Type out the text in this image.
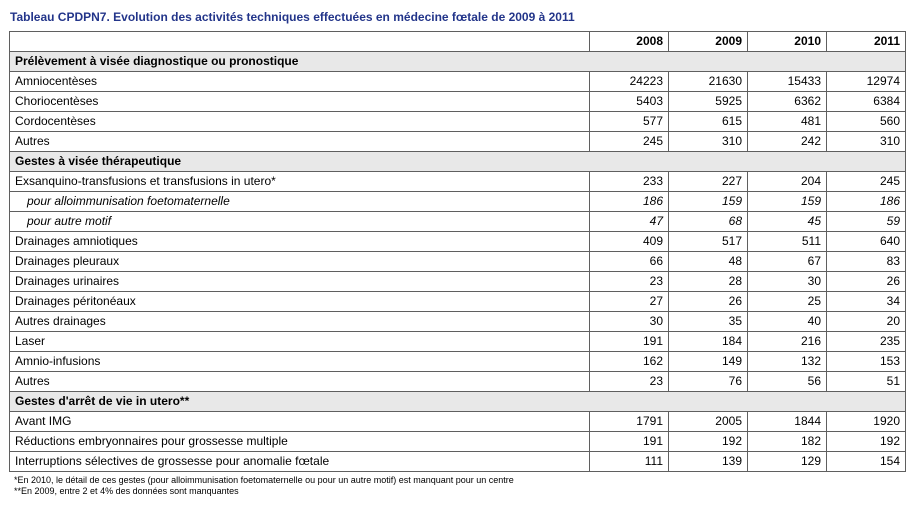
Tableau CPDPN7. Evolution des activités techniques effectuées en médecine fœtale de 2009 à 2011
	2008	2009	2010	2011
Prélèvement à visée diagnostique ou pronostique				
Amniocentèses	24223	21630	15433	12974
Choriocentèses	5403	5925	6362	6384
Cordocentèses	577	615	481	560
Autres	245	310	242	310
Gestes à visée thérapeutique				
Exsanquino-transfusions et transfusions in utero*	233	227	204	245
pour alloimmunisation foetomaternelle	186	159	159	186
pour autre motif	47	68	45	59
Drainages amniotiques	409	517	511	640
Drainages pleuraux	66	48	67	83
Drainages urinaires	23	28	30	26
Drainages péritonéaux	27	26	25	34
Autres drainages	30	35	40	20
Laser	191	184	216	235
Amnio-infusions	162	149	132	153
Autres	23	76	56	51
Gestes d'arrêt de vie in utero**				
Avant IMG	1791	2005	1844	1920
Réductions embryonnaires pour grossesse multiple	191	192	182	192
Interruptions sélectives de grossesse pour anomalie fœtale	111	139	129	154
*En 2010, le détail de ces gestes (pour alloimmunisation foetomaternelle ou pour un autre motif) est manquant pour un centre
**En 2009, entre 2 et 4% des données sont manquantes
